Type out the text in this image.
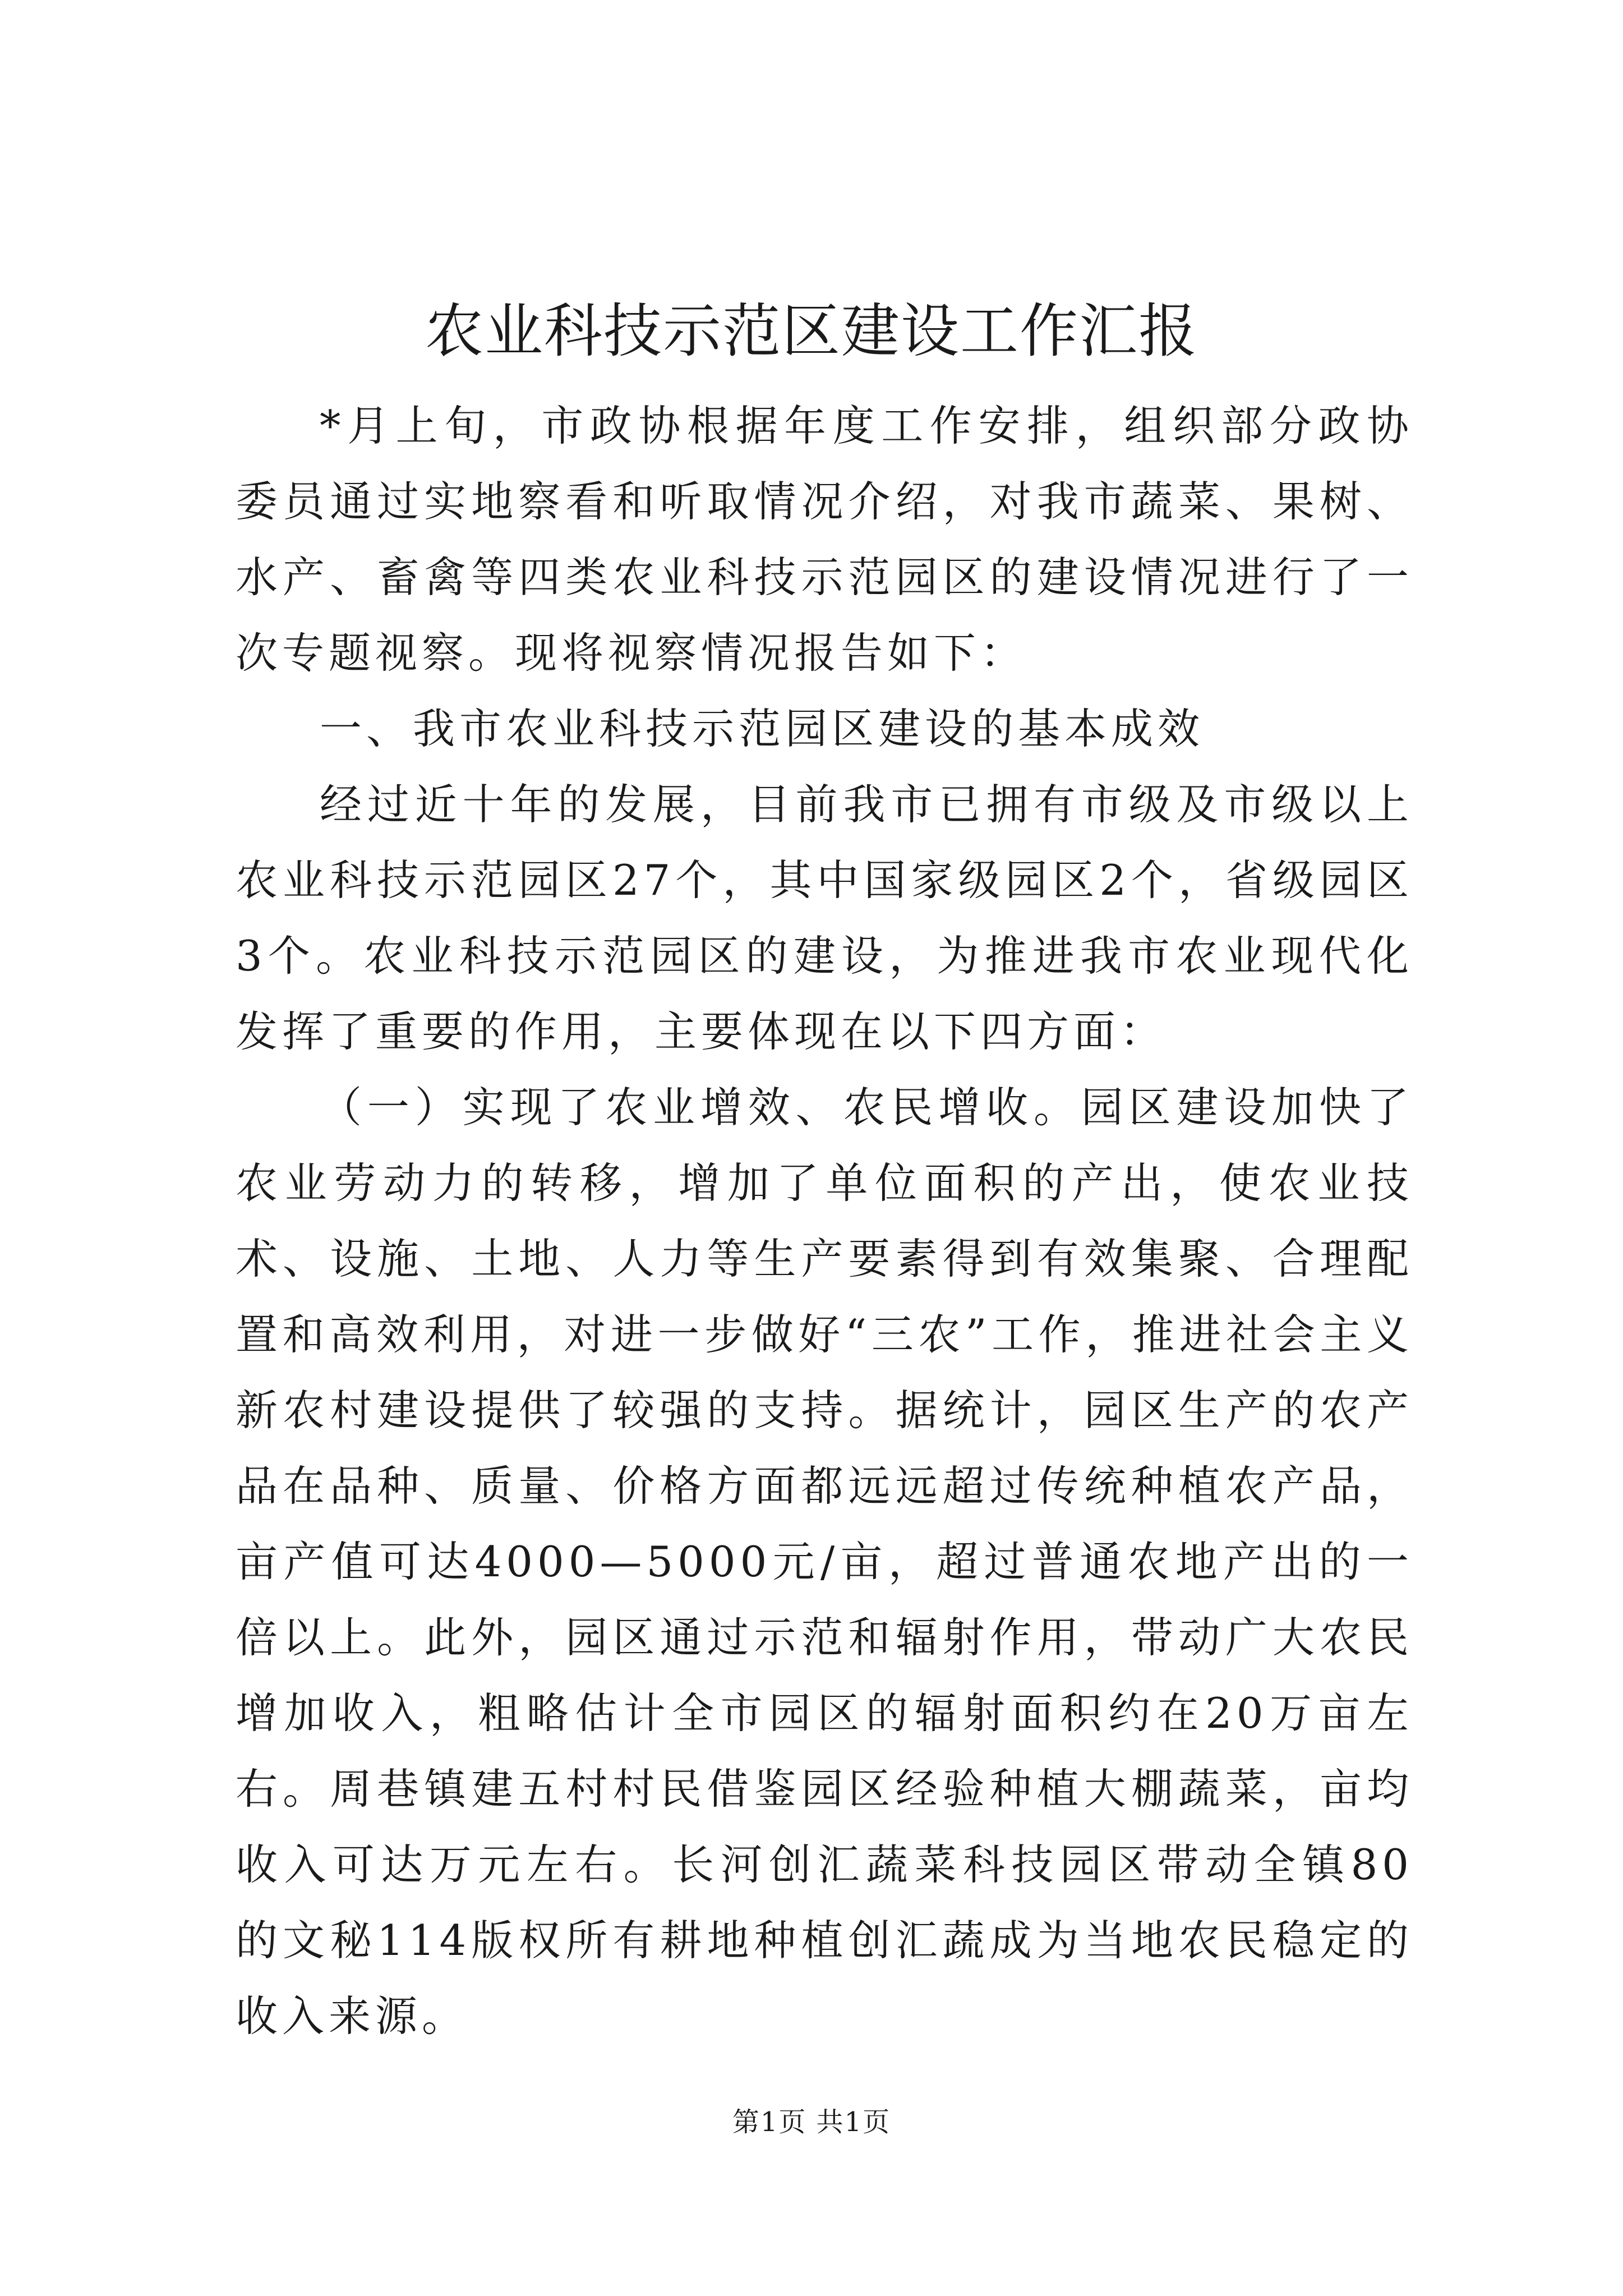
农业科技示范区建设工作汇报

*月上旬，市政协根据年度工作安排，组织部分政协委员通过实地察看和听取情况介绍，对我市蔬菜、果树、水产、畜禽等四类农业科技示范园区的建设情况进行了一次专题视察。现将视察情况报告如下：

一、我市农业科技示范园区建设的基本成效

经过近十年的发展，目前我市已拥有市级及市级以上农业科技示范园区27个，其中国家级园区2个，省级园区3个。农业科技示范园区的建设，为推进我市农业现代化发挥了重要的作用，主要体现在以下四方面：

（一）实现了农业增效、农民增收。园区建设加快了农业劳动力的转移，增加了单位面积的产出，使农业技术、设施、土地、人力等生产要素得到有效集聚、合理配置和高效利用，对进一步做好“三农”工作，推进社会主义新农村建设提供了较强的支持。据统计，园区生产的农产品在品种、质量、价格方面都远远超过传统种植农产品，亩产值可达4000—5000元/亩，超过普通农地产出的一倍以上。此外，园区通过示范和辐射作用，带动广大农民增加收入，粗略估计全市园区的辐射面积约在20万亩左右。周巷镇建五村村民借鉴园区经验种植大棚蔬菜，亩均收入可达万元左右。长河创汇蔬菜科技园区带动全镇80的文秘114版权所有耕地种植创汇蔬成为当地农民稳定的收入来源。

第1页 共1页
